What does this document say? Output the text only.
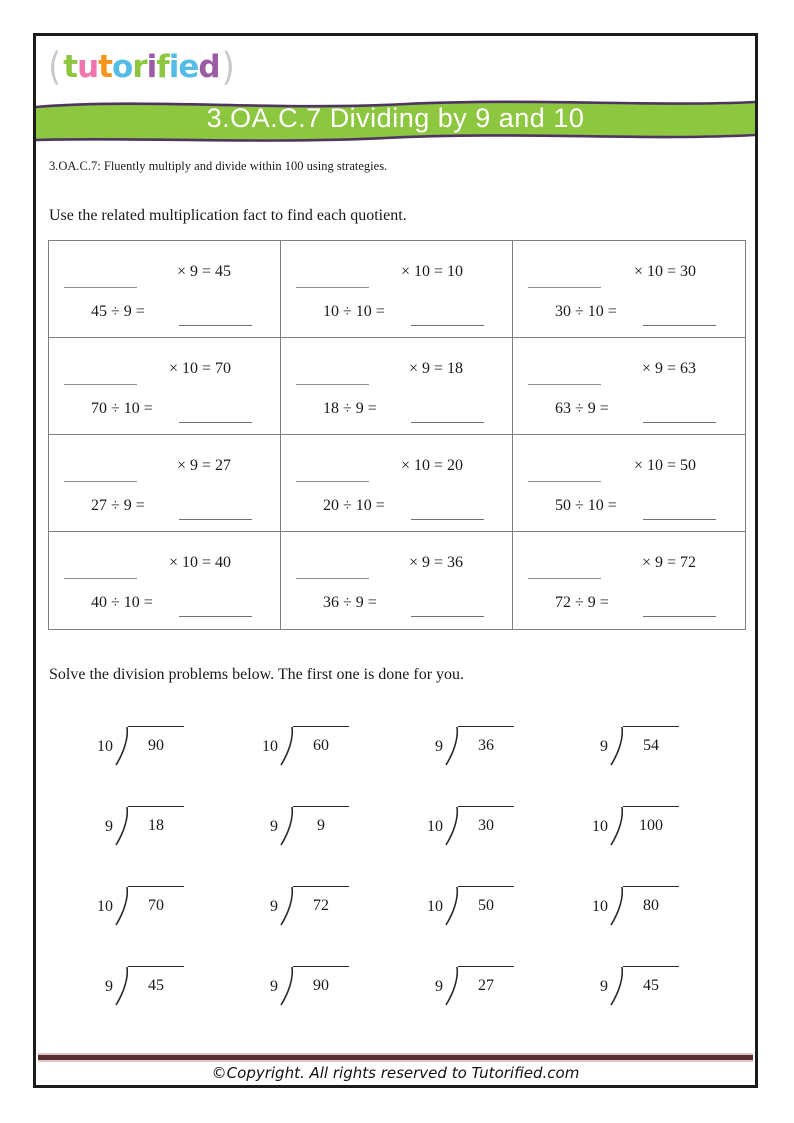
( t u t o r i f i e d )
3.OA.C.7 Dividing by 9 and 10
3.OA.C.7: Fluently multiply and divide within 100 using strategies.
Use the related multiplication fact to find each quotient.
× 9 = 45
45 ÷ 9 =
× 10 = 10
10 ÷ 10 =
× 10 = 30
30 ÷ 10 =
× 10 = 70
70 ÷ 10 =
× 9 = 18
18 ÷ 9 =
× 9 = 63
63 ÷ 9 =
× 9 = 27
27 ÷ 9 =
× 10 = 20
20 ÷ 10 =
× 10 = 50
50 ÷ 10 =
× 10 = 40
40 ÷ 10 =
× 9 = 36
36 ÷ 9 =
× 9 = 72
72 ÷ 9 =
Solve the division problems below. The first one is done for you.
10	90	10	60	9	36	9	54
9	18	9	9	10	30	10	100
10	70	9	72	10	50	10	80
9	45	9	90	9	27	9	45
©Copyright. All rights reserved to Tutorified.com
